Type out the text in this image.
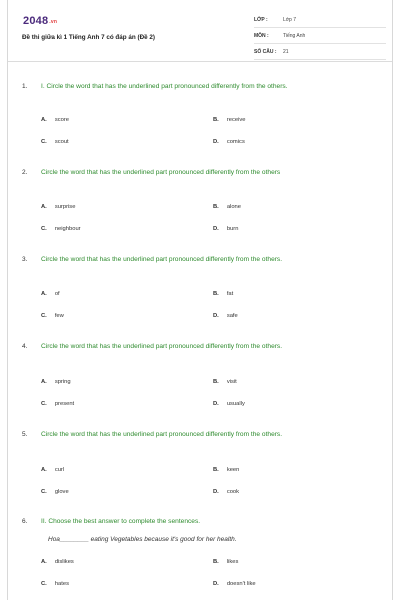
2048.vn
Đề thi giữa kì 1 Tiếng Anh 7 có đáp án (Đề 2)
LỚP :	Lớp 7
MÔN :	Tiếng Anh
SỐ CÂU :	21
1. I. Circle the word that has the underlined part pronounced differently from the others.
A. score	B. receive
C. scout	D. comics
2. Circle the word that has the underlined part pronounced differently from the others
A. surprise	B. alone
C. neighbour	D. burn
3. Circle the word that has the underlined part pronounced differently from the others.
A. of	B. fat
C. few	D. safe
4. Circle the word that has the underlined part pronounced differently from the others.
A. spring	B. visit
C. present	D. usually
5. Circle the word that has the underlined part pronounced differently from the others.
A. curl	B. keen
C. glove	D. cook
6. II. Choose the best answer to complete the sentences.
Hoa________ eating Vegetables because it's good for her health.
A. dislikes	B. likes
C. hates	D. doesn't like
